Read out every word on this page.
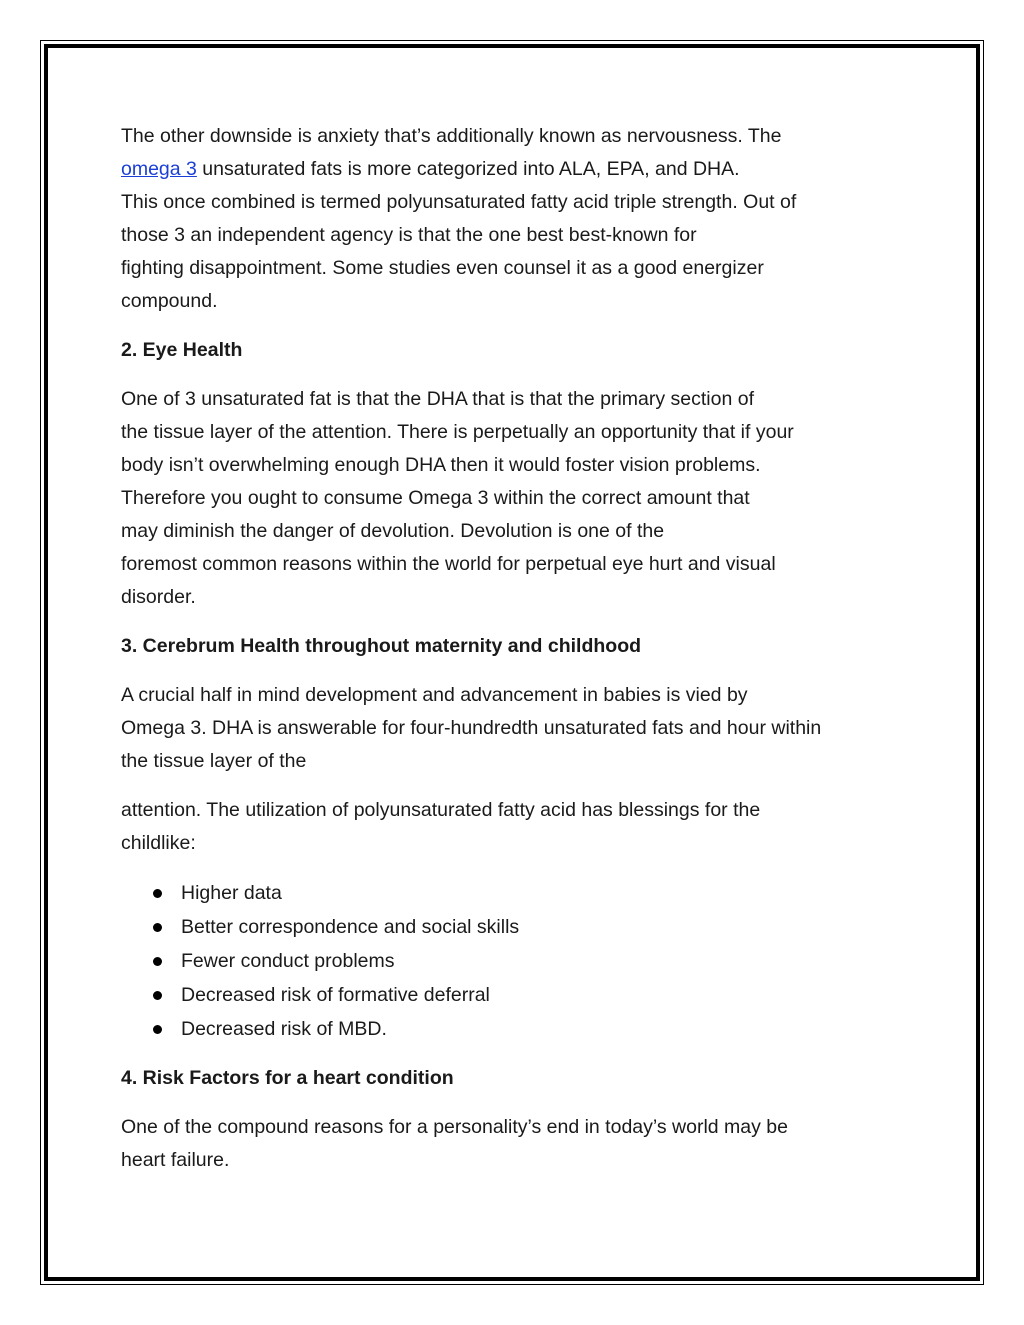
The other downside is anxiety that’s additionally known as nervousness. The
omega 3 unsaturated fats is more categorized into ALA, EPA, and DHA.
This once combined is termed polyunsaturated fatty acid triple strength. Out of
those 3 an independent agency is that the one best best-known for
fighting disappointment. Some studies even counsel it as a good energizer
compound.

2. Eye Health

One of 3 unsaturated fat is that the DHA that is that the primary section of
the tissue layer of the attention. There is perpetually an opportunity that if your
body isn’t overwhelming enough DHA then it would foster vision problems.
Therefore you ought to consume Omega 3 within the correct amount that
may diminish the danger of devolution. Devolution is one of the
foremost common reasons within the world for perpetual eye hurt and visual
disorder.

3. Cerebrum Health throughout maternity and childhood

A crucial half in mind development and advancement in babies is vied by
Omega 3. DHA is answerable for four-hundredth unsaturated fats and hour within
the tissue layer of the

attention. The utilization of polyunsaturated fatty acid has blessings for the
childlike:

Higher data
Better correspondence and social skills
Fewer conduct problems
Decreased risk of formative deferral
Decreased risk of MBD.
4. Risk Factors for a heart condition

One of the compound reasons for a personality’s end in today’s world may be
heart failure.
